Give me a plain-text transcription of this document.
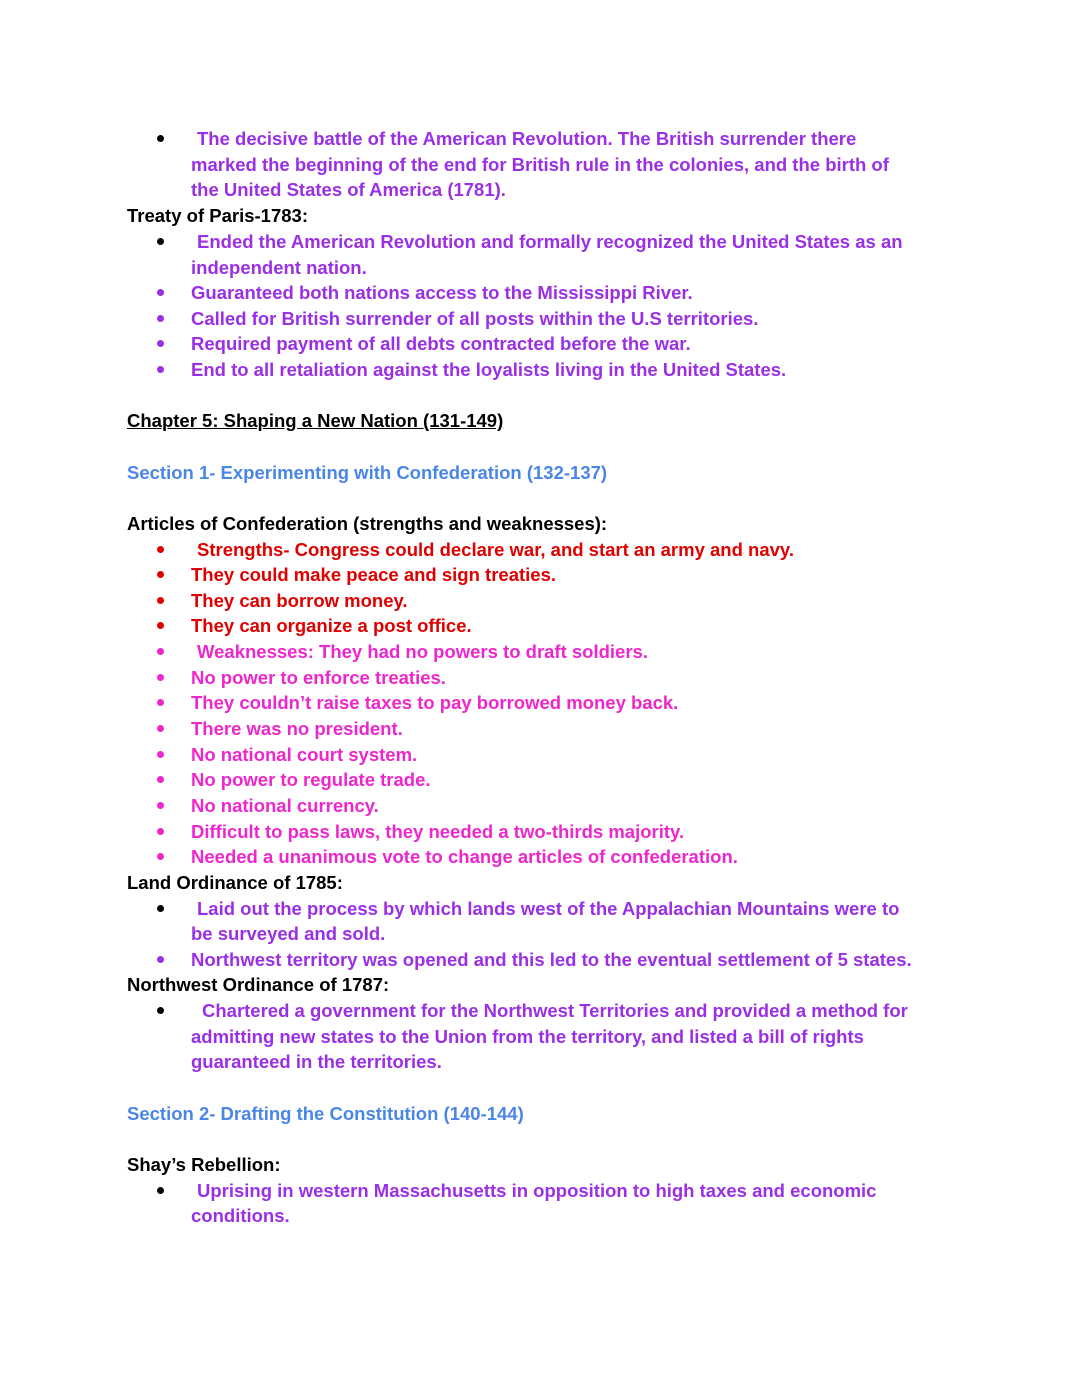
The decisive battle of the American Revolution. The British surrender there
marked the beginning of the end for British rule in the colonies, and the birth of
the United States of America (1781).
Treaty of Paris-1783:
Ended the American Revolution and formally recognized the United States as an
independent nation.
Guaranteed both nations access to the Mississippi River.
Called for British surrender of all posts within the U.S territories.
Required payment of all debts contracted before the war.
End to all retaliation against the loyalists living in the United States.
Chapter 5: Shaping a New Nation (131-149)
Section 1- Experimenting with Confederation (132-137)
Articles of Confederation (strengths and weaknesses):
Strengths- Congress could declare war, and start an army and navy.
They could make peace and sign treaties.
They can borrow money.
They can organize a post office.
Weaknesses: They had no powers to draft soldiers.
No power to enforce treaties.
They couldn’t raise taxes to pay borrowed money back.
There was no president.
No national court system.
No power to regulate trade.
No national currency.
Difficult to pass laws, they needed a two-thirds majority.
Needed a unanimous vote to change articles of confederation.
Land Ordinance of 1785:
Laid out the process by which lands west of the Appalachian Mountains were to
be surveyed and sold.
Northwest territory was opened and this led to the eventual settlement of 5 states.
Northwest Ordinance of 1787:
Chartered a government for the Northwest Territories and provided a method for
admitting new states to the Union from the territory, and listed a bill of rights
guaranteed in the territories.
Section 2- Drafting the Constitution (140-144)
Shay’s Rebellion:
Uprising in western Massachusetts in opposition to high taxes and economic
conditions.
